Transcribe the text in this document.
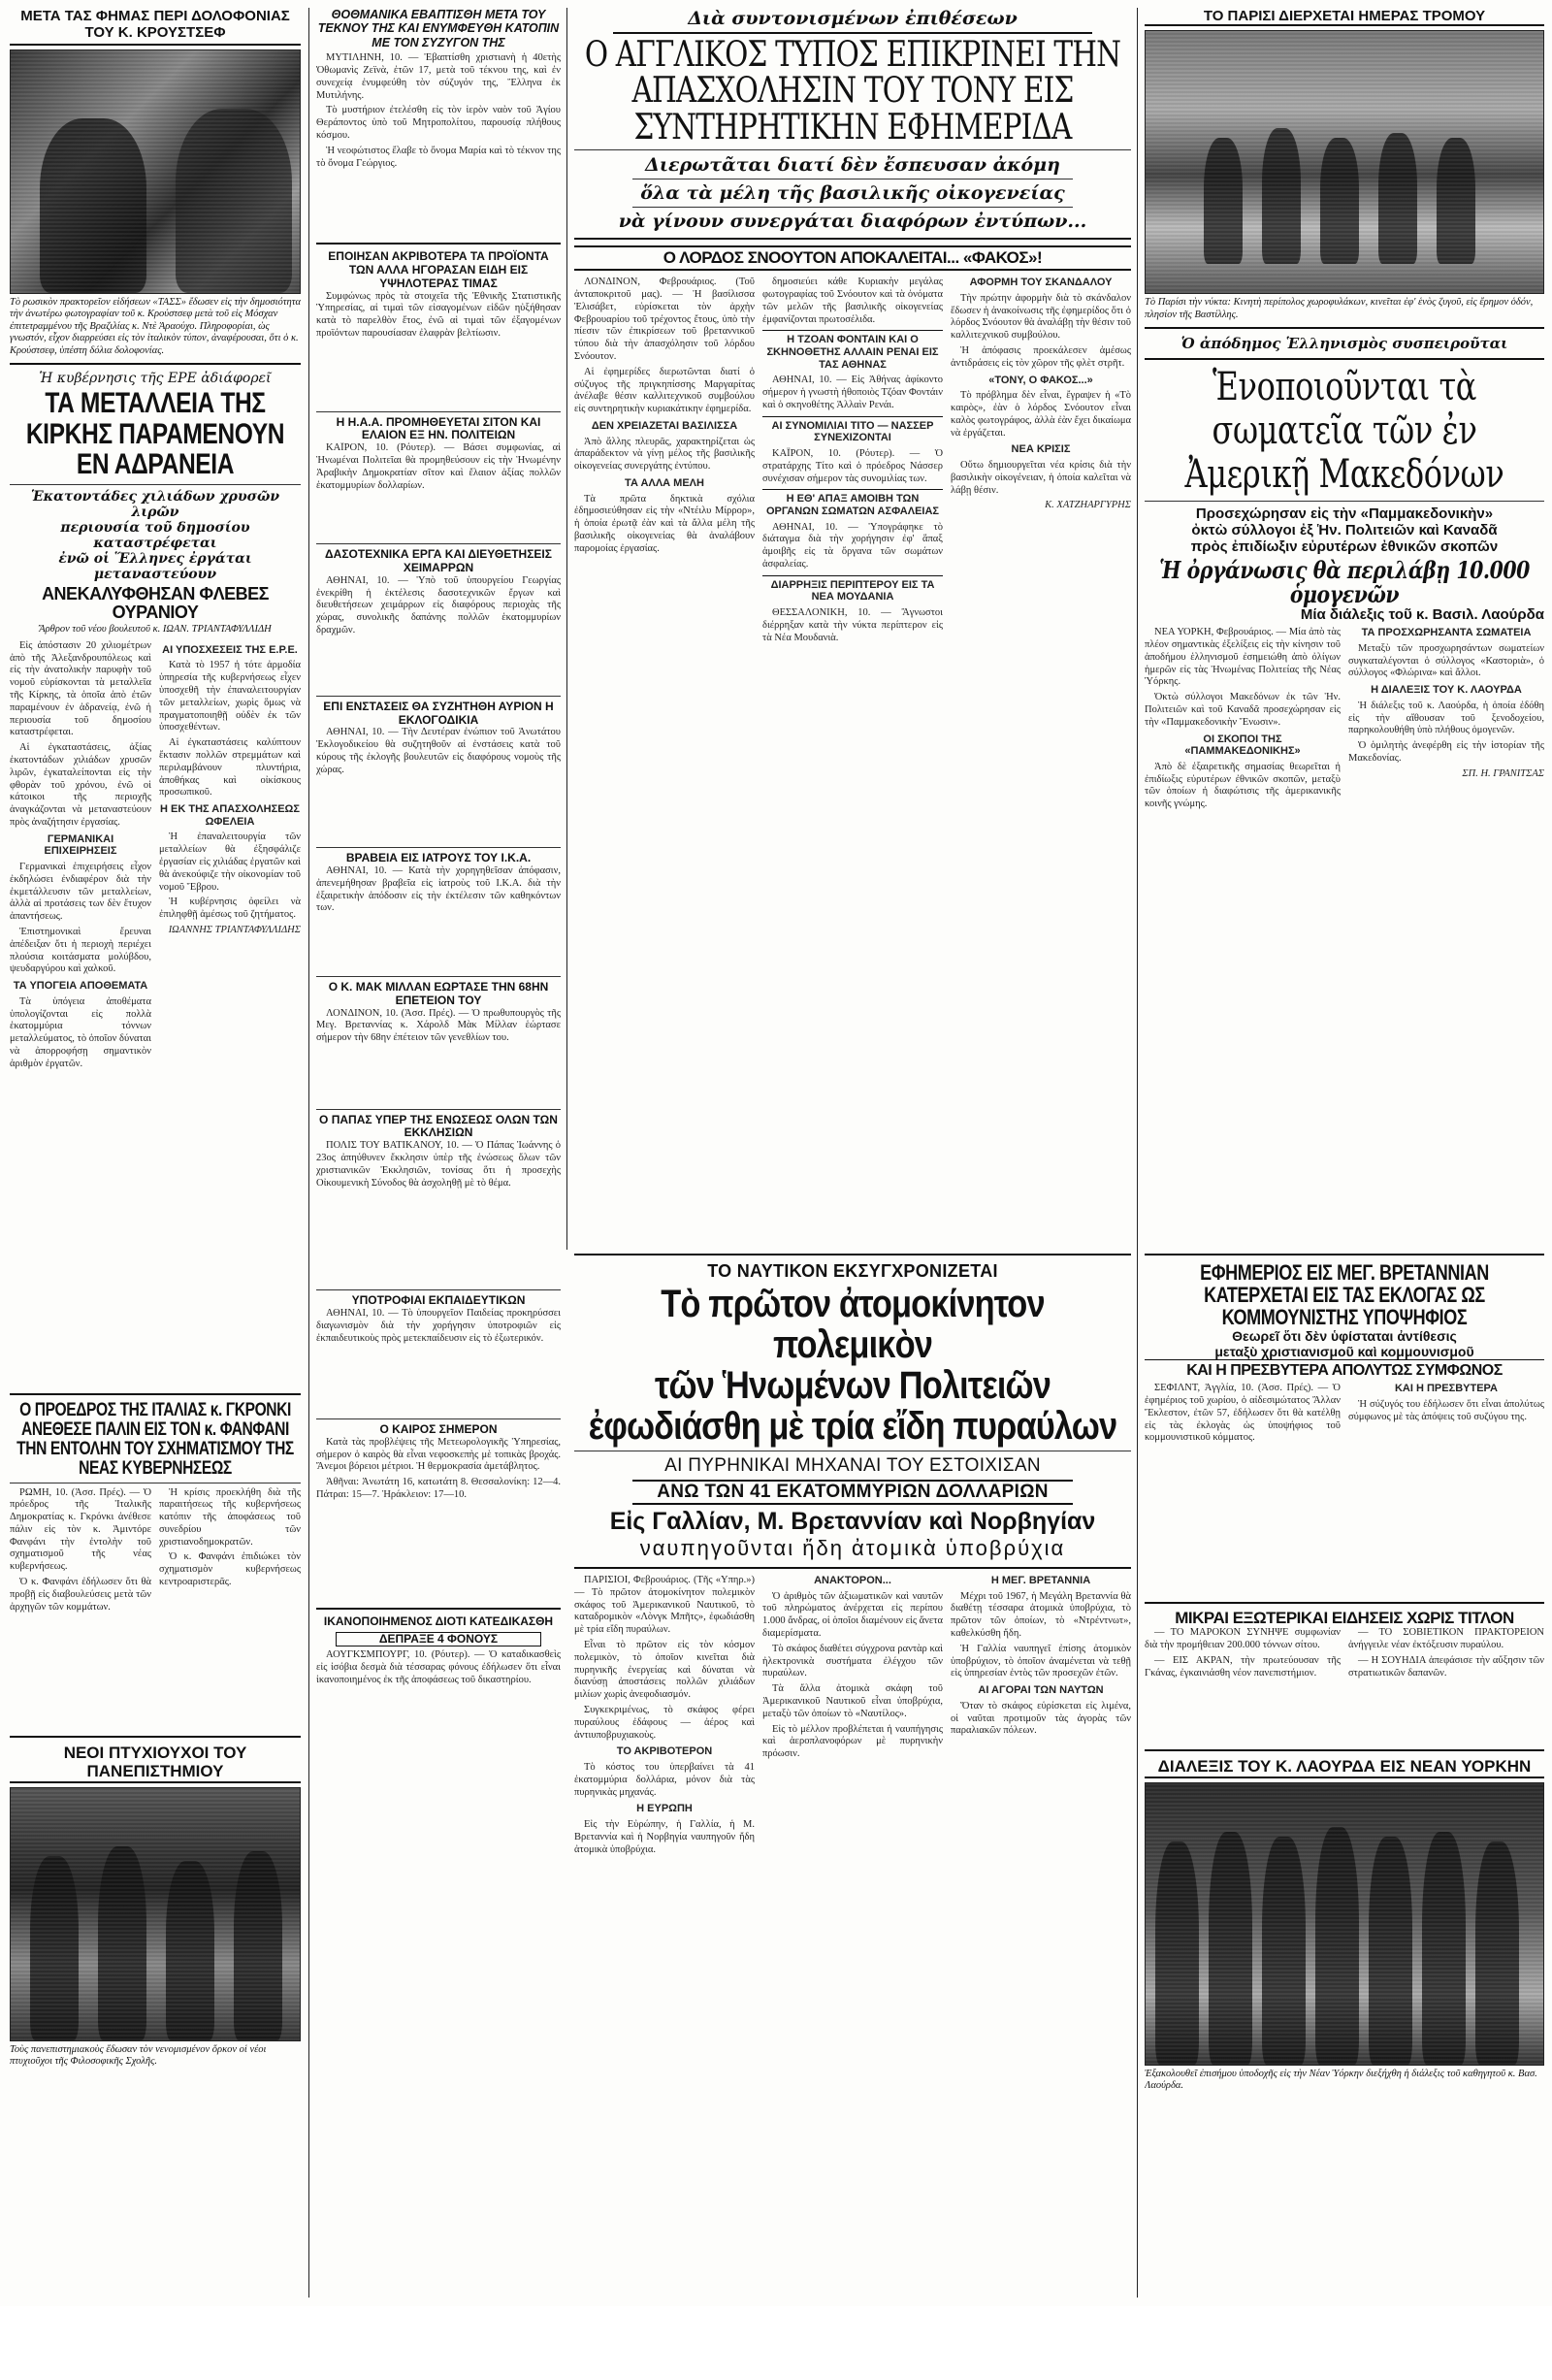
ΜΕΤΑ ΤΑΣ ΦΗΜΑΣ ΠΕΡΙ ΔΟΛΟΦΟΝΙΑΣ ΤΟΥ Κ. ΚΡΟΥΣΤΣΕΦ
Τὸ ρωσικὸν πρακτορεῖον εἰδήσεων «ΤΑΣΣ» ἔδωσεν εἰς τὴν δημοσιότητα τὴν ἀνωτέρω φωτογραφίαν τοῦ κ. Κρούστσεφ μετὰ τοῦ εἰς Μόσχαν ἐπιτετραμμένου τῆς Βραζιλίας κ. Ντὲ Ἀραούχο. Πληροφορίαι, ὡς γνωστόν, εἶχον διαρρεύσει εἰς τὸν ἰταλικὸν τύπον, ἀναφέρουσαι, ὅτι ὁ κ. Κρούστσεφ, ὑπέστη δόλια δολοφονίας.
Ἡ κυβέρνησις τῆς ΕΡΕ ἀδιάφορεῖ
ΤΑ ΜΕΤΑΛΛΕΙΑ ΤΗΣ ΚΙΡΚΗΣ ΠΑΡΑΜΕΝΟΥΝ ΕΝ ΑΔΡΑΝΕΙΑ
Ἑκατοντάδες χιλιάδων χρυσῶν λιρῶν
περιουσία τοῦ δημοσίου καταστρέφεται
ἐνῶ οἱ Ἕλληνες ἐργάται μεταναστεύουν
ΑΝΕΚΑΛΥΦΘΗΣΑΝ ΦΛΕΒΕΣ ΟΥΡΑΝΙΟΥ
Ἄρθρον τοῦ νέου βουλευτοῦ κ. ΙΩΑΝ. ΤΡΙΑΝΤΑΦΥΛΛΙΔΗ

Εἰς ἀπόστασιν 20 χιλιομέτρων ἀπὸ τῆς Ἀλεξανδρουπόλεως καὶ εἰς τὴν ἀνατολικὴν παρυφὴν τοῦ νομοῦ εὑρίσκονται τὰ μεταλλεῖα τῆς Κίρκης, τὰ ὁποῖα ἀπὸ ἐτῶν παραμένουν ἐν ἀδρανείᾳ, ἐνῶ ἡ περιουσία τοῦ δημοσίου καταστρέφεται.

Αἱ ἐγκαταστάσεις, ἀξίας ἑκατοντάδων χιλιάδων χρυσῶν λιρῶν, ἐγκαταλείπονται εἰς τὴν φθορὰν τοῦ χρόνου, ἐνῶ οἱ κάτοικοι τῆς περιοχῆς ἀναγκάζονται νὰ μεταναστεύουν πρὸς ἀναζήτησιν ἐργασίας.

ΓΕΡΜΑΝΙΚΑΙ ΕΠΙΧΕΙΡΗΣΕΙΣ

Γερμανικαὶ ἐπιχειρήσεις εἶχον ἐκδηλώσει ἐνδιαφέρον διὰ τὴν ἐκμετάλλευσιν τῶν μεταλλείων, ἀλλὰ αἱ προτάσεις των δὲν ἔτυχον ἀπαντήσεως.

Ἐπιστημονικαὶ ἔρευναι ἀπέδειξαν ὅτι ἡ περιοχὴ περιέχει πλούσια κοιτάσματα μολύβδου, ψευδαργύρου καὶ χαλκοῦ.

ΤΑ ΥΠΟΓΕΙΑ ΑΠΟΘΕΜΑΤΑ

Τὰ ὑπόγεια ἀποθέματα ὑπολογίζονται εἰς πολλὰ ἑκατομμύρια τόννων μεταλλεύματος, τὸ ὁποῖον δύναται νὰ ἀπορροφήσῃ σημαντικὸν ἀριθμὸν ἐργατῶν.

ΑΙ ΥΠΟΣΧΕΣΕΙΣ ΤΗΣ Ε.Ρ.Ε.

Κατὰ τὸ 1957 ἡ τότε ἀρμοδία ὑπηρεσία τῆς κυβερνήσεως εἶχεν ὑποσχεθῆ τὴν ἐπαναλειτουργίαν τῶν μεταλλείων, χωρὶς ὅμως νὰ πραγματοποιηθῇ οὐδὲν ἐκ τῶν ὑποσχεθέντων.

Αἱ ἐγκαταστάσεις καλύπτουν ἔκτασιν πολλῶν στρεμμάτων καὶ περιλαμβάνουν πλυντήρια, ἀποθήκας καὶ οἰκίσκους προσωπικοῦ.

Η ΕΚ ΤΗΣ ΑΠΑΣΧΟΛΗΣΕΩΣ ΩΦΕΛΕΙΑ

Ἡ ἐπαναλειτουργία τῶν μεταλλείων θὰ ἐξησφάλιζε ἐργασίαν εἰς χιλιάδας ἐργατῶν καὶ θὰ ἀνεκούφιζε τὴν οἰκονομίαν τοῦ νομοῦ Ἕβρου.

Ἡ κυβέρνησις ὀφείλει νὰ ἐπιληφθῇ ἀμέσως τοῦ ζητήματος.

ΙΩΑΝΝΗΣ ΤΡΙΑΝΤΑΦΥΛΛΙΔΗΣ
Ο ΠΡΟΕΔΡΟΣ ΤΗΣ ΙΤΑΛΙΑΣ κ. ΓΚΡΟΝΚΙ ΑΝΕΘΕΣΕ ΠΑΛΙΝ ΕΙΣ ΤΟΝ κ. ΦΑΝΦΑΝΙ ΤΗΝ ΕΝΤΟΛΗΝ ΤΟΥ ΣΧΗΜΑΤΙΣΜΟΥ ΤΗΣ ΝΕΑΣ ΚΥΒΕΡΝΗΣΕΩΣ

ΡΩΜΗ, 10. (Ἀσσ. Πρές). — Ὁ πρόεδρος τῆς Ἰταλικῆς Δημοκρατίας κ. Γκρόνκι ἀνέθεσε πάλιν εἰς τὸν κ. Ἀμιντόρε Φανφάνι τὴν ἐντολὴν τοῦ σχηματισμοῦ τῆς νέας κυβερνήσεως.

Ὁ κ. Φανφάνι ἐδήλωσεν ὅτι θὰ προβῇ εἰς διαβουλεύσεις μετὰ τῶν ἀρχηγῶν τῶν κομμάτων.

Ἡ κρίσις προεκλήθη διὰ τῆς παραιτήσεως τῆς κυβερνήσεως κατόπιν τῆς ἀποφάσεως τοῦ συνεδρίου τῶν χριστιανοδημοκρατῶν.

Ὁ κ. Φανφάνι ἐπιδιώκει τὸν σχηματισμὸν κυβερνήσεως κεντροαριστερᾶς.

ΝΕΟΙ ΠΤΥΧΙΟΥΧΟΙ ΤΟΥ ΠΑΝΕΠΙΣΤΗΜΙΟΥ
Τοὺς πανεπιστημιακοὺς ἔδωσαν τὸν νενομισμένον ὅρκον οἱ νέοι πτυχιοῦχοι τῆς Φιλοσοφικῆς Σχολῆς.
ΘΟΘΜΑΝΙΚΑ ΕΒΑΠΤΙΣΘΗ ΜΕΤΑ ΤΟΥ ΤΕΚΝΟΥ ΤΗΣ ΚΑΙ ΕΝΥΜΦΕΥΘΗ ΚΑΤΟΠΙΝ ΜΕ ΤΟΝ ΣΥΖΥΓΟΝ ΤΗΣ

ΜΥΤΙΛΗΝΗ, 10. — Ἐβαπτίσθη χριστιανὴ ἡ 40ετὴς Ὀθωμανὶς Ζεϊνὰ, ἐτῶν 17, μετὰ τοῦ τέκνου της, καὶ ἐν συνεχείᾳ ἐνυμφεύθη τὸν σύζυγόν της, Ἕλληνα ἐκ Μυτιλήνης.

Τὸ μυστήριον ἐτελέσθη εἰς τὸν ἱερὸν ναὸν τοῦ Ἁγίου Θεράποντος ὑπὸ τοῦ Μητροπολίτου, παρουσίᾳ πλήθους κόσμου.

Ἡ νεοφώτιστος ἔλαβε τὸ ὄνομα Μαρία καὶ τὸ τέκνον της τὸ ὄνομα Γεώργιος.

ΕΠΟΙΗΣΑΝ ΑΚΡΙΒΟΤΕΡΑ ΤΑ ΠΡΟΪΟΝΤΑ ΤΩΝ ΑΛΛΑ ΗΓΟΡΑΣΑΝ ΕΙΔΗ ΕΙΣ ΥΨΗΛΟΤΕΡΑΣ ΤΙΜΑΣ

Συμφώνως πρὸς τὰ στοιχεῖα τῆς Ἐθνικῆς Στατιστικῆς Ὑπηρεσίας, αἱ τιμαὶ τῶν εἰσαγομένων εἰδῶν ηὐξήθησαν κατὰ τὸ παρελθὸν ἔτος, ἐνῶ αἱ τιμαὶ τῶν ἐξαγομένων προϊόντων παρουσίασαν ἐλαφρὰν βελτίωσιν.

Η Η.Α.Α. ΠΡΟΜΗΘΕΥΕΤΑΙ ΣΙΤΟΝ ΚΑΙ ΕΛΑΙΟΝ ΕΞ ΗΝ. ΠΟΛΙΤΕΙΩΝ

ΚΑΪΡΟΝ, 10. (Ρόυτερ). — Βάσει συμφωνίας, αἱ Ἡνωμέναι Πολιτεῖαι θὰ προμηθεύσουν εἰς τὴν Ἡνωμένην Ἀραβικὴν Δημοκρατίαν σῖτον καὶ ἔλαιον ἀξίας πολλῶν ἑκατομμυρίων δολλαρίων.

ΔΑΣΟΤΕΧΝΙΚΑ ΕΡΓΑ ΚΑΙ ΔΙΕΥΘΕΤΗΣΕΙΣ ΧΕΙΜΑΡΡΩΝ

ΑΘΗΝΑΙ, 10. — Ὑπὸ τοῦ ὑπουργείου Γεωργίας ἐνεκρίθη ἡ ἐκτέλεσις δασοτεχνικῶν ἔργων καὶ διευθετήσεων χειμάρρων εἰς διαφόρους περιοχὰς τῆς χώρας, συνολικῆς δαπάνης πολλῶν ἑκατομμυρίων δραχμῶν.

ΕΠΙ ΕΝΣΤΑΣΕΙΣ ΘΑ ΣΥΖΗΤΗΘΗ ΑΥΡΙΟΝ Η ΕΚΛΟΓΟΔΙΚΙΑ

ΑΘΗΝΑΙ, 10. — Τὴν Δευτέραν ἐνώπιον τοῦ Ἀνωτάτου Ἐκλογοδικείου θὰ συζητηθοῦν αἱ ἐνστάσεις κατὰ τοῦ κύρους τῆς ἐκλογῆς βουλευτῶν εἰς διαφόρους νομοὺς τῆς χώρας.

ΒΡΑΒΕΙΑ ΕΙΣ ΙΑΤΡΟΥΣ ΤΟΥ Ι.Κ.Α.

ΑΘΗΝΑΙ, 10. — Κατὰ τὴν χορηγηθεῖσαν ἀπόφασιν, ἀπενεμήθησαν βραβεῖα εἰς ἰατροὺς τοῦ Ι.Κ.Α. διὰ τὴν ἐξαιρετικὴν ἀπόδοσιν εἰς τὴν ἐκτέλεσιν τῶν καθηκόντων των.

Ο Κ. ΜΑΚ ΜΙΛΛΑΝ ΕΩΡΤΑΣΕ ΤΗΝ 68ΗΝ ΕΠΕΤΕΙΟΝ ΤΟΥ

ΛΟΝΔΙΝΟΝ, 10. (Ἀσσ. Πρές). — Ὁ πρωθυπουργὸς τῆς Μεγ. Βρεταννίας κ. Χάρολδ Μὰκ Μίλλαν ἑώρτασε σήμερον τὴν 68ην ἐπέτειον τῶν γενεθλίων του.

Ο ΠΑΠΑΣ ΥΠΕΡ ΤΗΣ ΕΝΩΣΕΩΣ ΟΛΩΝ ΤΩΝ ΕΚΚΛΗΣΙΩΝ

ΠΟΛΙΣ ΤΟΥ ΒΑΤΙΚΑΝΟΥ, 10. — Ὁ Πάπας Ἰωάννης ὁ 23ος ἀπηύθυνεν ἔκκλησιν ὑπὲρ τῆς ἑνώσεως ὅλων τῶν χριστιανικῶν Ἐκκλησιῶν, τονίσας ὅτι ἡ προσεχὴς Οἰκουμενικὴ Σύνοδος θὰ ἀσχοληθῇ μὲ τὸ θέμα.

ΥΠΟΤΡΟΦΙΑΙ ΕΚΠΑΙΔΕΥΤΙΚΩΝ

ΑΘΗΝΑΙ, 10. — Τὸ ὑπουργεῖον Παιδείας προκηρύσσει διαγωνισμὸν διὰ τὴν χορήγησιν ὑποτροφιῶν εἰς ἐκπαιδευτικοὺς πρὸς μετεκπαίδευσιν εἰς τὸ ἐξωτερικόν.

Ο ΚΑΙΡΟΣ ΣΗΜΕΡΟΝ

Κατὰ τὰς προβλέψεις τῆς Μετεωρολογικῆς Ὑπηρεσίας, σήμερον ὁ καιρὸς θὰ εἶναι νεφοσκεπὴς μὲ τοπικὰς βροχάς. Ἄνεμοι βόρειοι μέτριοι. Ἡ θερμοκρασία ἀμετάβλητος.

Ἀθῆναι: Ἀνωτάτη 16, κατωτάτη 8. Θεσσαλονίκη: 12—4. Πάτραι: 15—7. Ἡράκλειον: 17—10.

ΙΚΑΝΟΠΟΙΗΜΕΝΟΣ ΔΙΟΤΙ ΚΑΤΕΔΙΚΑΣΘΗ
ΔΕΠΡΑΞΕ 4 ΦΟΝΟΥΣ

ΑΟΥΓΚΣΜΠΟΥΡΓ, 10. (Ρόυτερ). — Ὁ καταδικασθεὶς εἰς ἰσόβια δεσμὰ διὰ τέσσαρας φόνους ἐδήλωσεν ὅτι εἶναι ἱκανοποιημένος ἐκ τῆς ἀποφάσεως τοῦ δικαστηρίου.

Διὰ συντονισμένων ἐπιθέσεων
Ο ΑΓΓΛΙΚΟΣ ΤΥΠΟΣ ΕΠΙΚΡΙΝΕΙ ΤΗΝ ΑΠΑΣΧΟΛΗΣΙΝ ΤΟΥ ΤΟΝΥ ΕΙΣ ΣΥΝΤΗΡΗΤΙΚΗΝ ΕΦΗΜΕΡΙΔΑ
Διερωτᾶται διατί δὲν ἔσπευσαν ἀκόμη
ὅλα τὰ μέλη τῆς βασιλικῆς οἰκογενείας
νὰ γίνουν συνεργάται διαφόρων ἐντύπων...
Ο ΛΟΡΔΟΣ ΣΝΟΟΥΤΟΝ ΑΠΟΚΑΛΕΙΤΑΙ... «ΦΑΚΟΣ»!

ΛΟΝΔΙΝΟΝ, Φεβρουάριος. (Τοῦ ἀνταποκριτοῦ μας). — Ἡ βασίλισσα Ἐλισάβετ, εὑρίσκεται τὸν ἀρχὴν Φεβρουαρίου τοῦ τρέχοντος ἔτους, ὑπὸ τὴν πίεσιν τῶν ἐπικρίσεων τοῦ βρεταννικοῦ τύπου διὰ τὴν ἀπασχόλησιν τοῦ λόρδου Σνόουτον.

Αἱ ἐφημερίδες διερωτῶνται διατί ὁ σύζυγος τῆς πριγκηπίσσης Μαργαρίτας ἀνέλαβε θέσιν καλλιτεχνικοῦ συμβούλου εἰς συντηρητικὴν κυριακάτικην ἐφημερίδα.

ΔΕΝ ΧΡΕΙΑΖΕΤΑΙ ΒΑΣΙΛΙΣΣΑ

Ἀπὸ ἄλλης πλευρᾶς, χαρακτηρίζεται ὡς ἀπαράδεκτον νὰ γίνῃ μέλος τῆς βασιλικῆς οἰκογενείας συνεργάτης ἐντύπου.

ΤΑ ΑΛΛΑ ΜΕΛΗ

Τὰ πρῶτα δηκτικὰ σχόλια ἐδημοσιεύθησαν εἰς τὴν «Ντέιλυ Μίρρορ», ἡ ὁποία ἐρωτᾷ ἐὰν καὶ τὰ ἄλλα μέλη τῆς βασιλικῆς οἰκογενείας θὰ ἀναλάβουν παρομοίας ἐργασίας.

δημοσιεύει κάθε Κυριακὴν μεγάλας φωτογραφίας τοῦ Σνόουτον καὶ τὰ ὀνόματα τῶν μελῶν τῆς βασιλικῆς οἰκογενείας ἐμφανίζονται πρωτοσέλιδα.

Η ΤΖΟΑΝ ΦΟΝΤΑΙΝ ΚΑΙ Ο ΣΚΗΝΟΘΕΤΗΣ ΑΛΛΑΙΝ ΡΕΝΑΙ ΕΙΣ ΤΑΣ ΑΘΗΝΑΣ

ΑΘΗΝΑΙ, 10. — Εἰς Ἀθήνας ἀφίκοντο σήμερον ἡ γνωστὴ ἠθοποιὸς Τζόαν Φοντάιν καὶ ὁ σκηνοθέτης Ἀλλαὶν Ρενάι.

ΑΙ ΣΥΝΟΜΙΛΙΑΙ ΤΙΤΟ — ΝΑΣΣΕΡ ΣΥΝΕΧΙΖΟΝΤΑΙ

ΚΑΪΡΟΝ, 10. (Ρόυτερ). — Ὁ στρατάρχης Τίτο καὶ ὁ πρόεδρος Νάσσερ συνέχισαν σήμερον τὰς συνομιλίας των.

Η ΕΘ' ΑΠΑΞ ΑΜΟΙΒΗ ΤΩΝ ΟΡΓΑΝΩΝ ΣΩΜΑΤΩΝ ΑΣΦΑΛΕΙΑΣ

ΑΘΗΝΑΙ, 10. — Ὑπογράφηκε τὸ διάταγμα διὰ τὴν χορήγησιν ἐφ' ἅπαξ ἀμοιβῆς εἰς τὰ ὄργανα τῶν σωμάτων ἀσφαλείας.

ΔΙΑΡΡΗΞΙΣ ΠΕΡΙΠΤΕΡΟΥ ΕΙΣ ΤΑ ΝΕΑ ΜΟΥΔΑΝΙΑ

ΘΕΣΣΑΛΟΝΙΚΗ, 10. — Ἄγνωστοι διέρρηξαν κατὰ τὴν νύκτα περίπτερον εἰς τὰ Νέα Μουδανιὰ.

ΑΦΟΡΜΗ ΤΟΥ ΣΚΑΝΔΑΛΟΥ

Τὴν πρώτην ἀφορμὴν διὰ τὸ σκάνδαλον ἔδωσεν ἡ ἀνακοίνωσις τῆς ἐφημερίδος ὅτι ὁ λόρδος Σνόουτον θὰ ἀναλάβῃ τὴν θέσιν τοῦ καλλιτεχνικοῦ συμβούλου.

Ἡ ἀπόφασις προεκάλεσεν ἀμέσως ἀντιδράσεις εἰς τὸν χῶρον τῆς φλὲτ στρῆτ.

«ΤΟΝΥ, Ο ΦΑΚΟΣ...»

Τὸ πρόβλημα δὲν εἶναι, ἔγραψεν ἡ «Τὸ καιρὸς», ἐὰν ὁ λόρδος Σνόουτον εἶναι καλὸς φωτογράφος, ἀλλὰ ἐὰν ἔχει δικαίωμα νὰ ἐργάζεται.

ΝΕΑ ΚΡΙΣΙΣ

Οὕτω δημιουργεῖται νέα κρίσις διὰ τὴν βασιλικὴν οἰκογένειαν, ἡ ὁποία καλεῖται νὰ λάβῃ θέσιν.

Κ. ΧΑΤΖΗΑΡΓΥΡΗΣ
ΤΟ ΝΑΥΤΙΚΟΝ ΕΚΣΥΓΧΡΟΝΙΖΕΤΑΙ
Τὸ πρῶτον ἀτομοκίνητον πολεμικὸν
τῶν Ἡνωμένων Πολιτειῶν
ἐφωδιάσθη μὲ τρία εἴδη πυραύλων
ΑΙ ΠΥΡΗΝΙΚΑΙ ΜΗΧΑΝΑΙ ΤΟΥ ΕΣΤΟΙΧΙΣΑΝ
ΑΝΩ ΤΩΝ 41 ΕΚΑΤΟΜΜΥΡΙΩΝ ΔΟΛΛΑΡΙΩΝ
Εἰς Γαλλίαν, Μ. Βρεταννίαν καὶ Νορβηγίαν
ναυπηγοῦνται ἤδη ἀτομικὰ ὑποβρύχια

ΠΑΡΙΣΙΟΙ, Φεβρουάριος. (Τῆς «Υπηρ.») — Τὸ πρῶτον ἀτομοκίνητον πολεμικὸν σκάφος τοῦ Ἀμερικανικοῦ Ναυτικοῦ, τὸ καταδρομικὸν «Λὸνγκ Μπῆτς», ἐφωδιάσθη μὲ τρία εἴδη πυραύλων.

Εἶναι τὸ πρῶτον εἰς τὸν κόσμον πολεμικὸν, τὸ ὁποῖον κινεῖται διὰ πυρηνικῆς ἐνεργείας καὶ δύναται νὰ διανύσῃ ἀποστάσεις πολλῶν χιλιάδων μιλίων χωρὶς ἀνεφοδιασμόν.

Συγκεκριμένως, τὸ σκάφος φέρει πυραύλους ἐδάφους — ἀέρος καὶ ἀντιυποβρυχιακοὺς.

ΤΟ ΑΚΡΙΒΟΤΕΡΟΝ

Τὸ κόστος του ὑπερβαίνει τὰ 41 ἑκατομμύρια δολλάρια, μόνον διὰ τὰς πυρηνικὰς μηχανάς.

Η ΕΥΡΩΠΗ

Εἰς τὴν Εὐρώπην, ἡ Γαλλία, ἡ Μ. Βρεταννία καὶ ἡ Νορβηγία ναυπηγοῦν ἤδη ἀτομικὰ ὑποβρύχια.

ΑΝΑΚΤΟΡΟΝ...

Ὁ ἀριθμὸς τῶν ἀξιωματικῶν καὶ ναυτῶν τοῦ πληρώματος ἀνέρχεται εἰς περίπου 1.000 ἄνδρας, οἱ ὁποῖοι διαμένουν εἰς ἄνετα διαμερίσματα.

Τὸ σκάφος διαθέτει σύγχρονα ραντὰρ καὶ ἠλεκτρονικὰ συστήματα ἐλέγχου τῶν πυραύλων.

Τὰ ἄλλα ἀτομικὰ σκάφη τοῦ Ἀμερικανικοῦ Ναυτικοῦ εἶναι ὑποβρύχια, μεταξὺ τῶν ὁποίων τὸ «Ναυτίλος».

Εἰς τὸ μέλλον προβλέπεται ἡ ναυπήγησις καὶ ἀεροπλανοφόρων μὲ πυρηνικὴν πρόωσιν.

Η ΜΕΓ. ΒΡΕΤΑΝΝΙΑ

Μέχρι τοῦ 1967, ἡ Μεγάλη Βρεταννία θὰ διαθέτῃ τέσσαρα ἀτομικὰ ὑποβρύχια, τὸ πρῶτον τῶν ὁποίων, τὸ «Ντρέντνωτ», καθελκύσθη ἤδη.

Ἡ Γαλλία ναυπηγεῖ ἐπίσης ἀτομικὸν ὑποβρύχιον, τὸ ὁποῖον ἀναμένεται νὰ τεθῇ εἰς ὑπηρεσίαν ἐντὸς τῶν προσεχῶν ἐτῶν.

ΑΙ ΑΓΟΡΑΙ ΤΩΝ ΝΑΥΤΩΝ

Ὅταν τὸ σκάφος εὑρίσκεται εἰς λιμένα, οἱ ναῦται προτιμοῦν τὰς ἀγορὰς τῶν παραλιακῶν πόλεων.

ΤΟ ΠΑΡΙΣΙ ΔΙΕΡΧΕΤΑΙ ΗΜΕΡΑΣ ΤΡΟΜΟΥ
Τὸ Παρίσι τὴν νύκτα: Κινητὴ περίπολος χωροφυλάκων, κινεῖται ἐφ' ἑνὸς ζυγοῦ, εἰς ἔρημον ὁδόν, πλησίον τῆς Βαστίλλης.
Ὁ ἀπόδημος Ἑλληνισμὸς συσπειροῦται
Ἑνοποιοῦνται τὰ σωματεῖα τῶν ἐν Ἀμερικῇ Μακεδόνων
Προσεχώρησαν εἰς τὴν «Παμμακεδονικὴν»
ὀκτὼ σύλλογοι ἐξ Ἡν. Πολιτειῶν καὶ Καναδᾶ
πρὸς ἐπιδίωξιν εὐρυτέρων ἐθνικῶν σκοπῶν
Ἡ ὀργάνωσις θὰ περιλάβῃ 10.000 ὁμογενῶν
Μία διάλεξις τοῦ κ. Βασιλ. Λαούρδα

ΝΕΑ ΥΟΡΚΗ, Φεβρουάριος. — Μία ἀπὸ τὰς πλέον σημαντικὰς ἐξελίξεις εἰς τὴν κίνησιν τοῦ ἀποδήμου ἑλληνισμοῦ ἐσημειώθη ἀπὸ ὀλίγων ἡμερῶν εἰς τὰς Ἡνωμένας Πολιτείας τῆς Νέας Ὑόρκης.

Ὀκτὼ σύλλογοι Μακεδόνων ἐκ τῶν Ἡν. Πολιτειῶν καὶ τοῦ Καναδᾶ προσεχώρησαν εἰς τὴν «Παμμακεδονικὴν Ἕνωσιν».

ΟΙ ΣΚΟΠΟΙ ΤΗΣ «ΠΑΜΜΑΚΕΔΟΝΙΚΗΣ»

Ἀπὸ δὲ ἐξαιρετικῆς σημασίας θεωρεῖται ἡ ἐπιδίωξις εὐρυτέρων ἐθνικῶν σκοπῶν, μεταξὺ τῶν ὁποίων ἡ διαφώτισις τῆς ἀμερικανικῆς κοινῆς γνώμης.

ΤΑ ΠΡΟΣΧΩΡΗΣΑΝΤΑ ΣΩΜΑΤΕΙΑ

Μεταξὺ τῶν προσχωρησάντων σωματείων συγκαταλέγονται ὁ σύλλογος «Καστοριὰ», ὁ σύλλογος «Φλώρινα» καὶ ἄλλοι.

Η ΔΙΑΛΕΞΙΣ ΤΟΥ Κ. ΛΑΟΥΡΔΑ

Ἡ διάλεξις τοῦ κ. Λαούρδα, ἡ ὁποία ἐδόθη εἰς τὴν αἴθουσαν τοῦ ξενοδοχείου, παρηκολουθήθη ὑπὸ πλήθους ὁμογενῶν.

Ὁ ὁμιλητὴς ἀνεφέρθη εἰς τὴν ἱστορίαν τῆς Μακεδονίας.

ΣΠ. Η. ΓΡΑΝΙΤΣΑΣ
ΕΦΗΜΕΡΙΟΣ ΕΙΣ ΜΕΓ. ΒΡΕΤΑΝΝΙΑΝ ΚΑΤΕΡΧΕΤΑΙ ΕΙΣ ΤΑΣ ΕΚΛΟΓΑΣ ΩΣ ΚΟΜΜΟΥΝΙΣΤΗΣ ΥΠΟΨΗΦΙΟΣ
Θεωρεῖ ὅτι δὲν ὑφίσταται ἀντίθεσις
μεταξὺ χριστιανισμοῦ καὶ κομμουνισμοῦ
ΚΑΙ Η ΠΡΕΣΒΥΤΕΡΑ ΑΠΟΛΥΤΩΣ ΣΥΜΦΩΝΟΣ

ΣΕΦΙΛΝΤ, Ἀγγλία, 10. (Ἀσσ. Πρές). — Ὁ ἐφημέριος τοῦ χωρίου, ὁ αἰδεσιμώτατος Ἄλλαν Ἔκλεστον, ἐτῶν 57, ἐδήλωσεν ὅτι θὰ κατέλθῃ εἰς τὰς ἐκλογὰς ὡς ὑποψήφιος τοῦ κομμουνιστικοῦ κόμματος.

ΚΑΙ Η ΠΡΕΣΒΥΤΕΡΑ

Ἡ σύζυγός του ἐδήλωσεν ὅτι εἶναι ἀπολύτως σύμφωνος μὲ τὰς ἀπόψεις τοῦ συζύγου της.

ΜΙΚΡΑΙ ΕΞΩΤΕΡΙΚΑΙ ΕΙΔΗΣΕΙΣ ΧΩΡΙΣ ΤΙΤΛΟΝ

— ΤΟ ΜΑΡΟΚΟΝ ΣΥΝΗΨΕ συμφωνίαν διὰ τὴν προμήθειαν 200.000 τόννων σίτου.

— ΕΙΣ ΑΚΡΑΝ, τὴν πρωτεύουσαν τῆς Γκάνας, ἐγκαινιάσθη νέον πανεπιστήμιον.

— ΤΟ ΣΟΒΙΕΤΙΚΟΝ ΠΡΑΚΤΟΡΕΙΟΝ ἀνήγγειλε νέαν ἐκτόξευσιν πυραύλου.

— Η ΣΟΥΗΔΙΑ ἀπεφάσισε τὴν αὔξησιν τῶν στρατιωτικῶν δαπανῶν.

ΔΙΑΛΕΞΙΣ ΤΟΥ Κ. ΛΑΟΥΡΔΑ ΕΙΣ ΝΕΑΝ ΥΟΡΚΗΝ
Ἐξακολουθεῖ ἐπισήμου ὑποδοχῆς εἰς τὴν Νέαν Ὑόρκην διεξήχθη ἡ διάλεξις τοῦ καθηγητοῦ κ. Βασ. Λαούρδα.
